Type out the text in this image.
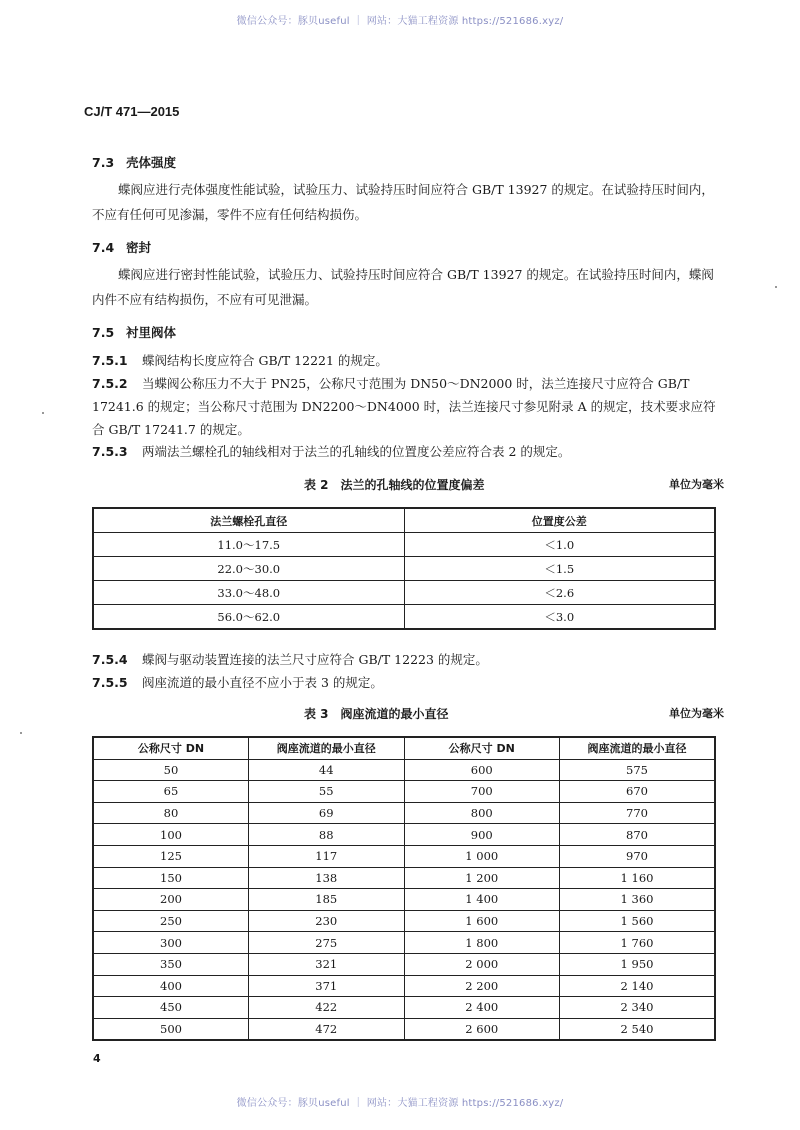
微信公众号：豚贝useful ｜ 网站：大猫工程资源 https://521686.xyz/
CJ/T 471—2015
7.3 壳体强度
蝶阀应进行壳体强度性能试验，试验压力、试验持压时间应符合 GB/T 13927 的规定。在试验持压时间内，不应有任何可见渗漏，零件不应有任何结构损伤。
7.4 密封
蝶阀应进行密封性能试验，试验压力、试验持压时间应符合 GB/T 13927 的规定。在试验持压时间内，蝶阀内件不应有结构损伤，不应有可见泄漏。
7.5 衬里阀体
7.5.1 蝶阀结构长度应符合 GB/T 12221 的规定。
7.5.2 当蝶阀公称压力不大于 PN25，公称尺寸范围为 DN50～DN2000 时，法兰连接尺寸应符合 GB/T 17241.6 的规定；当公称尺寸范围为 DN2200～DN4000 时，法兰连接尺寸参见附录 A 的规定，技术要求应符合 GB/T 17241.7 的规定。
7.5.3 两端法兰螺栓孔的轴线相对于法兰的孔轴线的位置度公差应符合表 2 的规定。
表 2　法兰的孔轴线的位置度偏差	单位为毫米
法兰螺栓孔直径	位置度公差
11.0～17.5	＜1.0
22.0～30.0	＜1.5
33.0～48.0	＜2.6
56.0～62.0	＜3.0
7.5.4 蝶阀与驱动装置连接的法兰尺寸应符合 GB/T 12223 的规定。
7.5.5 阀座流道的最小直径不应小于表 3 的规定。
表 3　阀座流道的最小直径	单位为毫米
公称尺寸 DN	阀座流道的最小直径	公称尺寸 DN	阀座流道的最小直径
50	44	600	575
65	55	700	670
80	69	800	770
100	88	900	870
125	117	1 000	970
150	138	1 200	1 160
200	185	1 400	1 360
250	230	1 600	1 560
300	275	1 800	1 760
350	321	2 000	1 950
400	371	2 200	2 140
450	422	2 400	2 340
500	472	2 600	2 540
4
微信公众号：豚贝useful ｜ 网站：大猫工程资源 https://521686.xyz/
